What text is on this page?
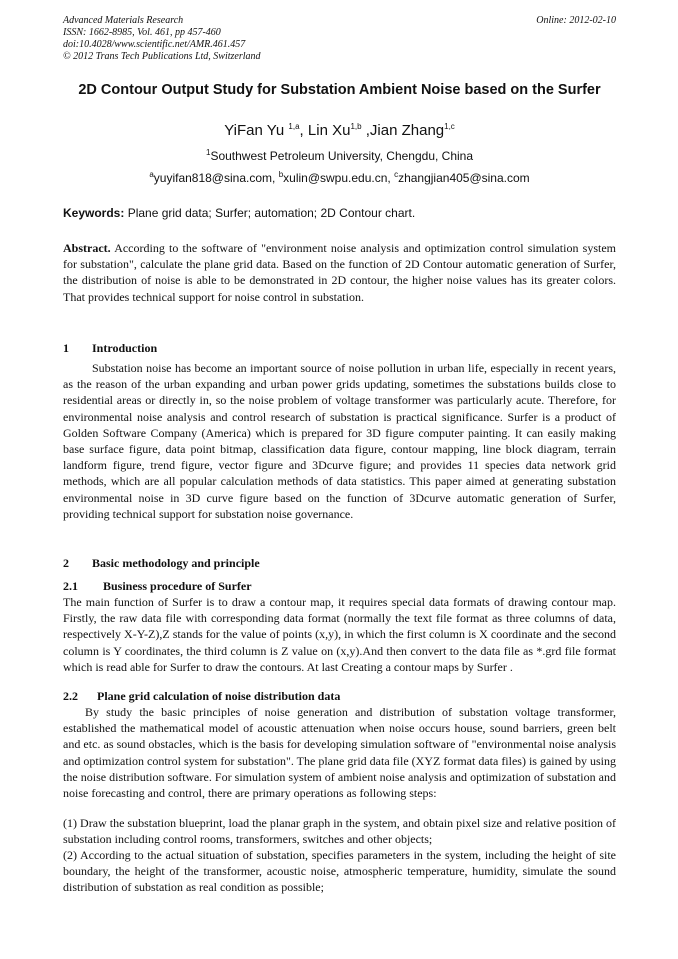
Advanced Materials Research
ISSN: 1662-8985, Vol. 461, pp 457-460
doi:10.4028/www.scientific.net/AMR.461.457
© 2012 Trans Tech Publications Ltd, Switzerland
Online: 2012-02-10
2D Contour Output Study for Substation Ambient Noise based on the Surfer
YiFan Yu $^{1,a}$, Lin Xu$^{1,b}$ ,Jian Zhang$^{1,c}$
$^1$Southwest Petroleum University, Chengdu, China
$^a$yuyifan818@sina.com, $^b$xulin@swpu.edu.cn, $^c$zhangjian405@sina.com
Keywords: Plane grid data; Surfer; automation; 2D Contour chart.

Abstract. According to the software of "environment noise analysis and optimization control simulation system for substation", calculate the plane grid data. Based on the function of 2D Contour automatic generation of Surfer, the distribution of noise is able to be demonstrated in 2D contour, the higher noise values has its greater colors. That provides technical support for noise control in substation.

1 Introduction

Substation noise has become an important source of noise pollution in urban life, especially in recent years, as the reason of the urban expanding and urban power grids updating, sometimes the substations builds close to residential areas or directly in, so the noise problem of voltage transformer was particularly acute. Therefore, for environmental noise analysis and control research of substation is practical significance. Surfer is a product of Golden Software Company (America) which is prepared for 3D figure computer painting. It can easily making base surface figure, data point bitmap, classification data figure, contour mapping, line block diagram, terrain landform figure, trend figure, vector figure and 3Dcurve figure; and provides 11 species data network grid methods, which are all popular calculation methods of data statistics. This paper aimed at generating substation environmental noise in 3D curve figure based on the function of 3Dcurve automatic generation of Surfer, providing technical support for substation noise governance.

2 Basic methodology and principle
2.1 Business procedure of Surfer

The main function of Surfer is to draw a contour map, it requires special data formats of drawing contour map. Firstly, the raw data file with corresponding data format (normally the text file format as three columns of data, respectively X-Y-Z),Z stands for the value of points (x,y), in which the first column is X coordinate and the second column is Y coordinates, the third column is Z value on (x,y).And then convert to the data file as *.grd file format which is read able for Surfer to draw the contours. At last Creating a contour maps by Surfer .

2.2 Plane grid calculation of noise distribution data

By study the basic principles of noise generation and distribution of substation voltage transformer, established the mathematical model of acoustic attenuation when noise occurs house, sound barriers, green belt and etc. as sound obstacles, which is the basis for developing simulation software of "environmental noise analysis and optimization control system for substation". The plane grid data file (XYZ format data files) is gained by using the noise distribution software. For simulation system of ambient noise analysis and optimization of substation and noise forecasting and control, there are primary operations as following steps:

(1) Draw the substation blueprint, load the planar graph in the system, and obtain pixel size and relative position of substation including control rooms, transformers, switches and other objects;

(2) According to the actual situation of substation, specifies parameters in the system, including the height of site boundary, the height of the transformer, acoustic noise, atmospheric temperature, humidity, simulate the sound distribution of substation as real condition as possible;
